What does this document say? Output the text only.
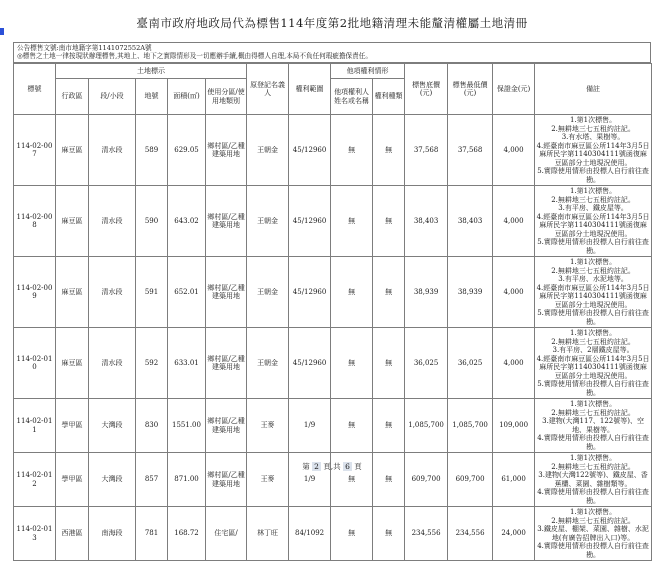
臺南市政府地政局代為標售114年度第2批地籍清理未能釐清權屬土地清冊
公告標售文號:南市地籍字第1141072552A號
◎標售之土地一律按現狀辦理標售,其地上、地下之實際情形及一切應辦手續,概由得標人自理,本局不負任何瑕疵擔保責任。
標號	土地標示					原登記名義人	權利範圍	他項權利情形		標售底價(元)	標售最低價(元)	保證金(元)	備註
	行政區	段/小段	地號	面積(㎡)	使用分區/使用地類別			他項權利人姓名或名稱	權利種類				
114-02-007	麻豆區	清水段	589	629.05	鄉村區/乙種建築用地	王朝金	45/12960	無	無	37,568	37,568	4,000	1.第1次標售。
2.無耕地三七五租約註記。
3.有水塔、果樹等。
4.經臺南市麻豆區公所114年3月5日麻所民字第1140304111號函復麻豆區部分土地現況使用。
5.實際使用情形由投標人自行前往查勘。

114-02-008	麻豆區	清水段	590	643.02	鄉村區/乙種建築用地	王朝金	45/12960	無	無	38,403	38,403	4,000	1.第1次標售。
2.無耕地三七五租約註記。
3.有平房、鐵皮屋等。
4.經臺南市麻豆區公所114年3月5日麻所民字第1140304111號函復麻豆區部分土地現況使用。
5.實際使用情形由投標人自行前往查勘。

114-02-009	麻豆區	清水段	591	652.01	鄉村區/乙種建築用地	王朝金	45/12960	無	無	38,939	38,939	4,000	1.第1次標售。
2.無耕地三七五租約註記。
3.有平房、水泥地等。
4.經臺南市麻豆區公所114年3月5日麻所民字第1140304111號函復麻豆區部分土地現況使用。
5.實際使用情形由投標人自行前往查勘。

114-02-010	麻豆區	清水段	592	633.01	鄉村區/乙種建築用地	王朝金	45/12960	無	無	36,025	36,025	4,000	1.第1次標售。
2.無耕地三七五租約註記。
3.有平房、2層鐵皮屋等。
4.經臺南市麻豆區公所114年3月5日麻所民字第1140304111號函復麻豆區部分土地現況使用。
5.實際使用情形由投標人自行前往查勘。

114-02-011	學甲區	大灣段	830	1551.00	鄉村區/乙種建築用地	王麥	1/9	無	無	1,085,700	1,085,700	109,000	1.第1次標售。
2.無耕地三七五租約註記。
3.建物(大灣117、122號等)、空地、果樹等。
4.實際使用情形由投標人自行前往查勘。

114-02-012	學甲區	大灣段	857	871.00	鄉村區/乙種建築用地	王麥	1/9	無	無	609,700	609,700	61,000	1.第1次標售。
2.無耕地三七五租約註記。
3.建物(大灣122號等)、鐵皮屋、香蕉欉、菜園、雜樹類等。
4.實際使用情形由投標人自行前往查勘。

114-02-013	西港區	南海段	781	168.72	住宅區/	林丁旺	84/1092	無	無	234,556	234,556	24,000	1.第1次標售。
2.無耕地三七五租約註記。
3.鐵皮屋、棚架、菜園、雜樹、水泥地(有廣告招牌出入口)等。
4.實際使用情形由投標人自行前往查勘。
第 2 頁,共 6 頁
